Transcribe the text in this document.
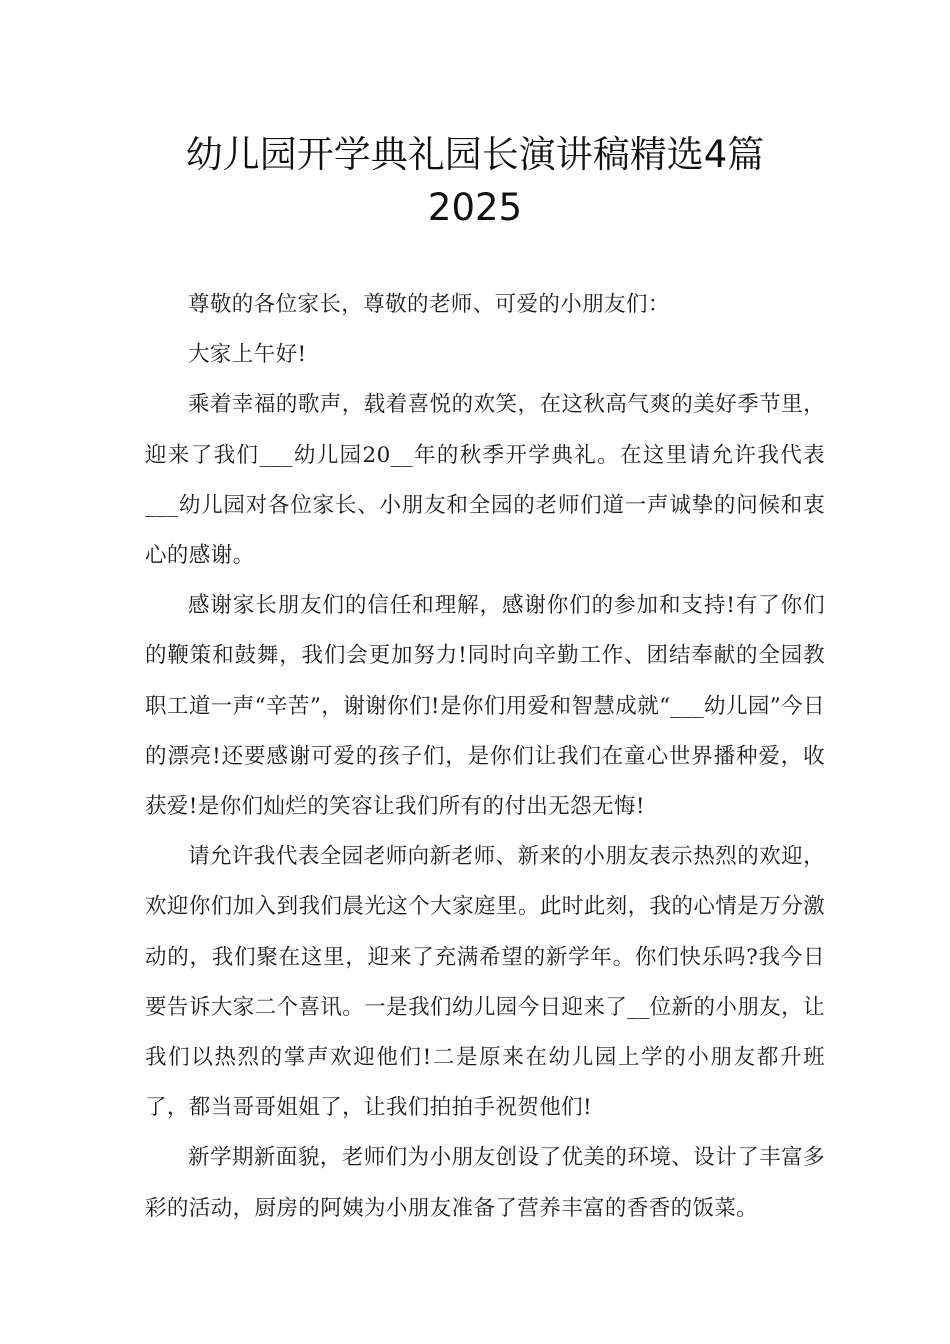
幼儿园开学典礼园长演讲稿精选4篇
2025

尊敬的各位家长，尊敬的老师、可爱的小朋友们：

大家上午好!

乘着幸福的歌声，载着喜悦的欢笑，在这秋高气爽的美好季节里，迎来了我们___幼儿园20__年的秋季开学典礼。在这里请允许我代表___幼儿园对各位家长、小朋友和全园的老师们道一声诚挚的问候和衷心的感谢。

感谢家长朋友们的信任和理解，感谢你们的参加和支持!有了你们的鞭策和鼓舞，我们会更加努力!同时向辛勤工作、团结奉献的全园教职工道一声“辛苦”，谢谢你们!是你们用爱和智慧成就“___幼儿园”今日的漂亮!还要感谢可爱的孩子们，是你们让我们在童心世界播种爱，收获爱!是你们灿烂的笑容让我们所有的付出无怨无悔!

请允许我代表全园老师向新老师、新来的小朋友表示热烈的欢迎，欢迎你们加入到我们晨光这个大家庭里。此时此刻，我的心情是万分激动的，我们聚在这里，迎来了充满希望的新学年。你们快乐吗?我今日要告诉大家二个喜讯。一是我们幼儿园今日迎来了__位新的小朋友，让我们以热烈的掌声欢迎他们!二是原来在幼儿园上学的小朋友都升班了，都当哥哥姐姐了，让我们拍拍手祝贺他们!

新学期新面貌，老师们为小朋友创设了优美的环境、设计了丰富多彩的活动，厨房的阿姨为小朋友准备了营养丰富的香香的饭菜。
